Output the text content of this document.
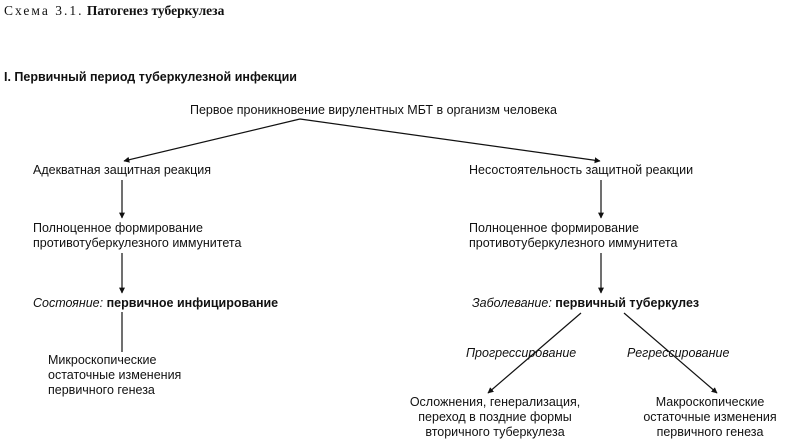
Схема 3.1. Патогенез туберкулеза
I. Первичный период туберкулезной инфекции
Первое проникновение вирулентных МБТ в организм человека
Адекватная защитная реакция
Полноценное формирование
противотуберкулезного иммунитета
Состояние: первичное инфицирование
Микроскопические
остаточные изменения
первичного генеза
Несостоятельность защитной реакции
Полноценное формирование
противотуберкулезного иммунитета
Заболевание: первичный туберкулез
Прогрессирование	Регрессирование
Осложнения, генерализация,
переход в поздние формы
вторичного туберкулеза
Макроскопические
остаточные изменения
первичного генеза
